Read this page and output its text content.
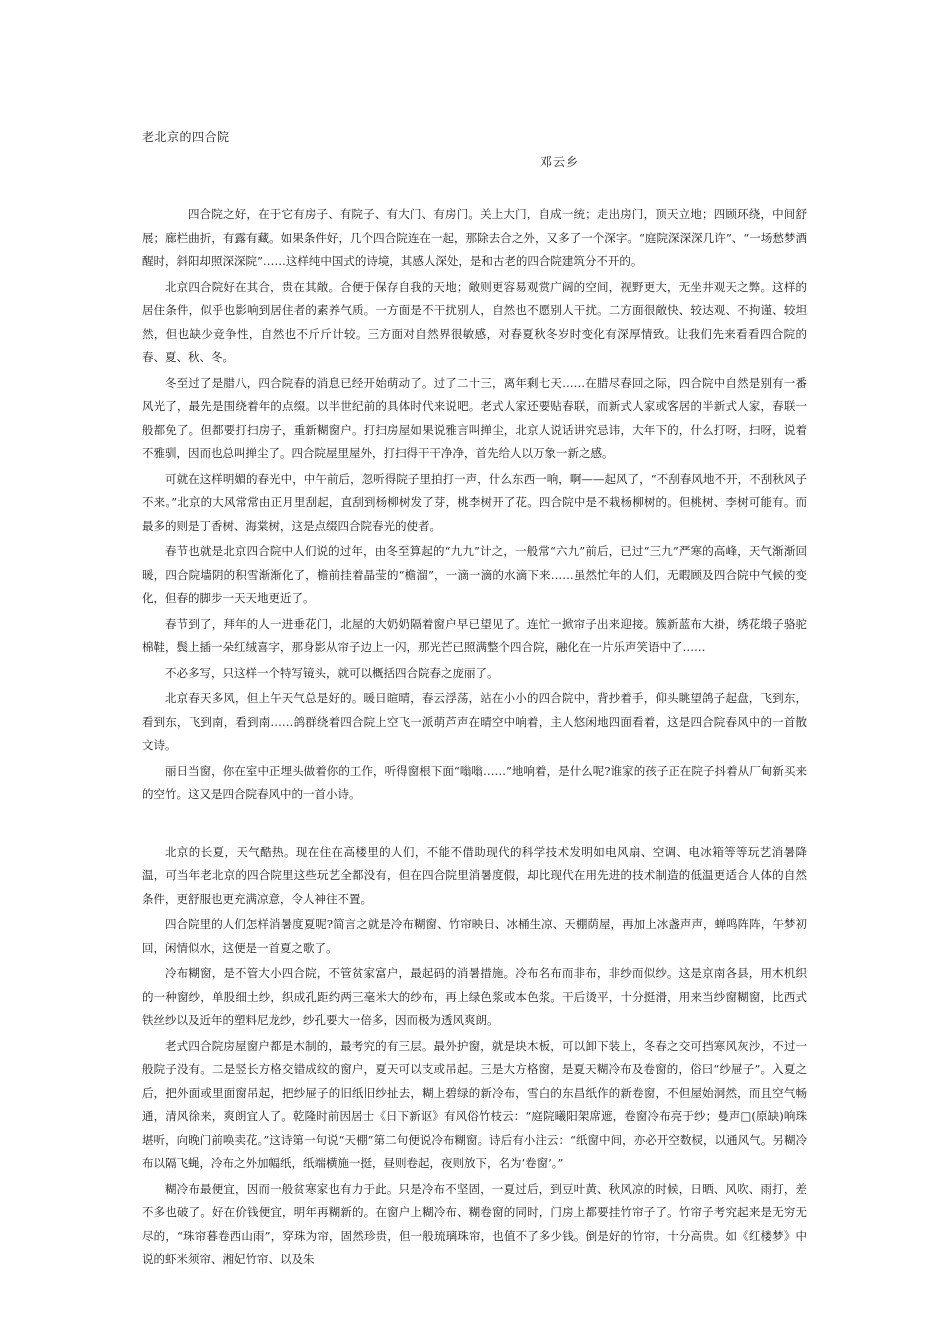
老北京的四合院
邓云乡

四合院之好，在于它有房子、有院子、有大门、有房门。关上大门，自成一统；走出房门，顶天立地；四顾环绕，中间舒展；廊栏曲折，有露有藏。如果条件好，几个四合院连在一起，那除去合之外，又多了一个深字。“庭院深深深几许”、“一场愁梦酒醒时，斜阳却照深深院”……这样纯中国式的诗境，其感人深处，是和古老的四合院建筑分不开的。

北京四合院好在其合，贵在其敞。合便于保存自我的天地；敞则更容易观赏广阔的空间，视野更大，无坐井观天之弊。这样的居住条件，似乎也影响到居住者的素养气质。一方面是不干扰别人，自然也不愿别人干扰。二方面很敞快、较达观、不拘谨、较坦然，但也缺少竞争性，自然也不斤斤计较。三方面对自然界很敏感，对春夏秋冬岁时变化有深厚情致。让我们先来看看四合院的春、夏、秋、冬。

冬至过了是腊八，四合院春的消息已经开始萌动了。过了二十三，离年剩七天……在腊尽春回之际，四合院中自然是别有一番风光了，最先是围绕着年的点缀。以半世纪前的具体时代来说吧。老式人家还要贴春联，而新式人家或客居的半新式人家，春联一般都免了。但都要打扫房子，重新糊窗户。打扫房屋如果说雅言叫掸尘，北京人说话讲究忌讳，大年下的，什么打呀，扫呀，说着不雅驯，因而也总叫掸尘了。四合院屋里屋外，打扫得干干净净，首先给人以万象一新之感。

可就在这样明媚的春光中，中午前后，忽听得院子里拍打一声，什么东西一响，啊——起风了，“不刮春风地不开，不刮秋风子不来。”北京的大风常常由正月里刮起，直刮到杨柳树发了芽，桃李树开了花。四合院中是不栽杨柳树的。但桃树、李树可能有。而最多的则是丁香树、海棠树，这是点缀四合院春光的使者。

春节也就是北京四合院中人们说的过年，由冬至算起的“九九”计之，一般常“六九”前后，已过“三九”严寒的高峰，天气渐渐回暖，四合院墙阴的积雪渐渐化了，檐前挂着晶莹的“檐溜”，一滴一滴的水滴下来……虽然忙年的人们，无暇顾及四合院中气候的变化，但春的脚步一天天地更近了。

春节到了，拜年的人一进垂花门，北屋的大奶奶隔着窗户早已望见了。连忙一掀帘子出来迎接。簇新蓝布大褂，绣花缎子骆驼棉鞋，鬓上插一朵红绒喜字，那身影从帘子边上一闪，那光芒已照满整个四合院，融化在一片乐声笑语中了……

不必多写，只这样一个特写镜头，就可以概括四合院春之庞丽了。

北京春天多风，但上午天气总是好的。暖日暄晴，春云浮荡，站在小小的四合院中，背抄着手，仰头眺望鸽子起盘，飞到东，看到东，飞到南，看到南……鸽群绕着四合院上空飞一派萌芦声在晴空中响着，主人悠闲地四面看着，这是四合院春风中的一首散文诗。

丽日当窗，你在室中正埋头做着你的工作，听得窗根下面“嗡嗡……”地响着，是什么呢?谁家的孩子正在院子抖着从厂甸新买来的空竹。这又是四合院春风中的一首小诗。

北京的长夏，天气酷热。现在住在高楼里的人们，不能不借助现代的科学技术发明如电风扇、空调、电冰箱等等玩艺消暑降温，可当年老北京的四合院里这些玩艺全都没有，但在四合院里消暑度假，却比现代在用先进的技术制造的低温更适合人体的自然条件，更舒服也更充满凉意，令人神往不置。

四合院里的人们怎样消暑度夏呢?简言之就是冷布糊窗、竹帘映日、冰桶生凉、天棚荫屋，再加上冰盏声声，蝉鸣阵阵，午梦初回，闲情似水，这便是一首夏之歌了。

冷布糊窗，是不管大小四合院，不管贫家富户，最起码的消暑措施。冷布名布而非布，非纱而似纱。这是京南各县，用木机织的一种窗纱，单股细土纱，织成孔距约两三毫米大的纱布，再上绿色浆或本色浆。干后烫平，十分挺滑，用来当纱窗糊窗，比西式铁丝纱以及近年的塑料尼龙纱，纱孔要大一倍多，因而极为透风爽朗。

老式四合院房屋窗户都是木制的，最考究的有三层。最外护窗，就是块木板，可以卸下装上，冬春之交可挡寒风灰沙，不过一般院子没有。二是竖长方格交错成纹的窗户，夏天可以支或吊起。三是大方格窗，是夏天糊冷布及卷窗的，俗曰“纱屉子”。入夏之后，把外面或里面窗吊起，把纱屉子的旧纸旧纱扯去，糊上碧绿的新冷布，雪白的东昌纸作的新卷窗，不但屋始洞然，而且空气畅通，清风徐来，爽朗宜人了。乾隆时前因居士《日下新讴》有风俗竹枝云：“庭院曦阳架席遮，卷窗冷布亮于纱；曼声□(原缺)响珠堪听，向晚门前唤卖花。”这诗第一句说“天棚”第二句便说冷布糊窗。诗后有小注云：“纸窗中间，亦必开空数棂，以通风气。另糊冷布以隔飞蝇，冷布之外加幅纸，纸端横施一挺，昼则卷起，夜则放下，名为‘卷窗’。”

糊冷布最便宜，因而一般贫寒家也有力于此。只是冷布不坚固，一夏过后，到豆叶黄、秋风凉的时候，日晒、风吹、雨打，差不多也破了。好在价钱便宜，明年再糊新的。在窗户上糊冷布、糊卷窗的同时，门房上都要挂竹帘子了。竹帘子考究起来是无穷无尽的，“珠帘暮卷西山雨”，穿珠为帘，固然珍贵，但一般琉璃珠帘，也值不了多少钱。倒是好的竹帘，十分高贵。如《红楼梦》中说的虾米须帘、湘妃竹帘、以及朱
